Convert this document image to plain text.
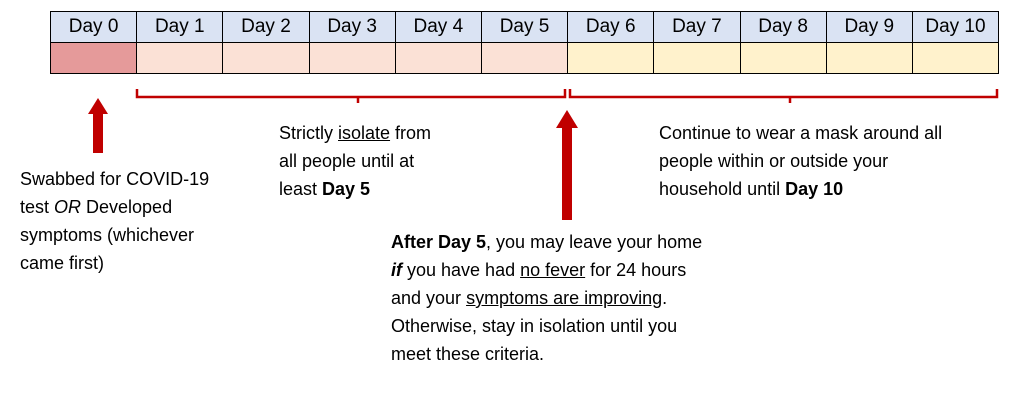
Day 0	Day 1	Day 2	Day 3	Day 4	Day 5	Day 6	Day 7	Day 8	Day 9	Day 10
Swabbed for COVID-19
test OR Developed
symptoms (whichever
came first)
Strictly isolate from
all people until at
least Day 5
Continue to wear a mask around all
people within or outside your
household until Day 10
After Day 5, you may leave your home
if you have had no fever for 24 hours
and your symptoms are improving.
Otherwise, stay in isolation until you
meet these criteria.
